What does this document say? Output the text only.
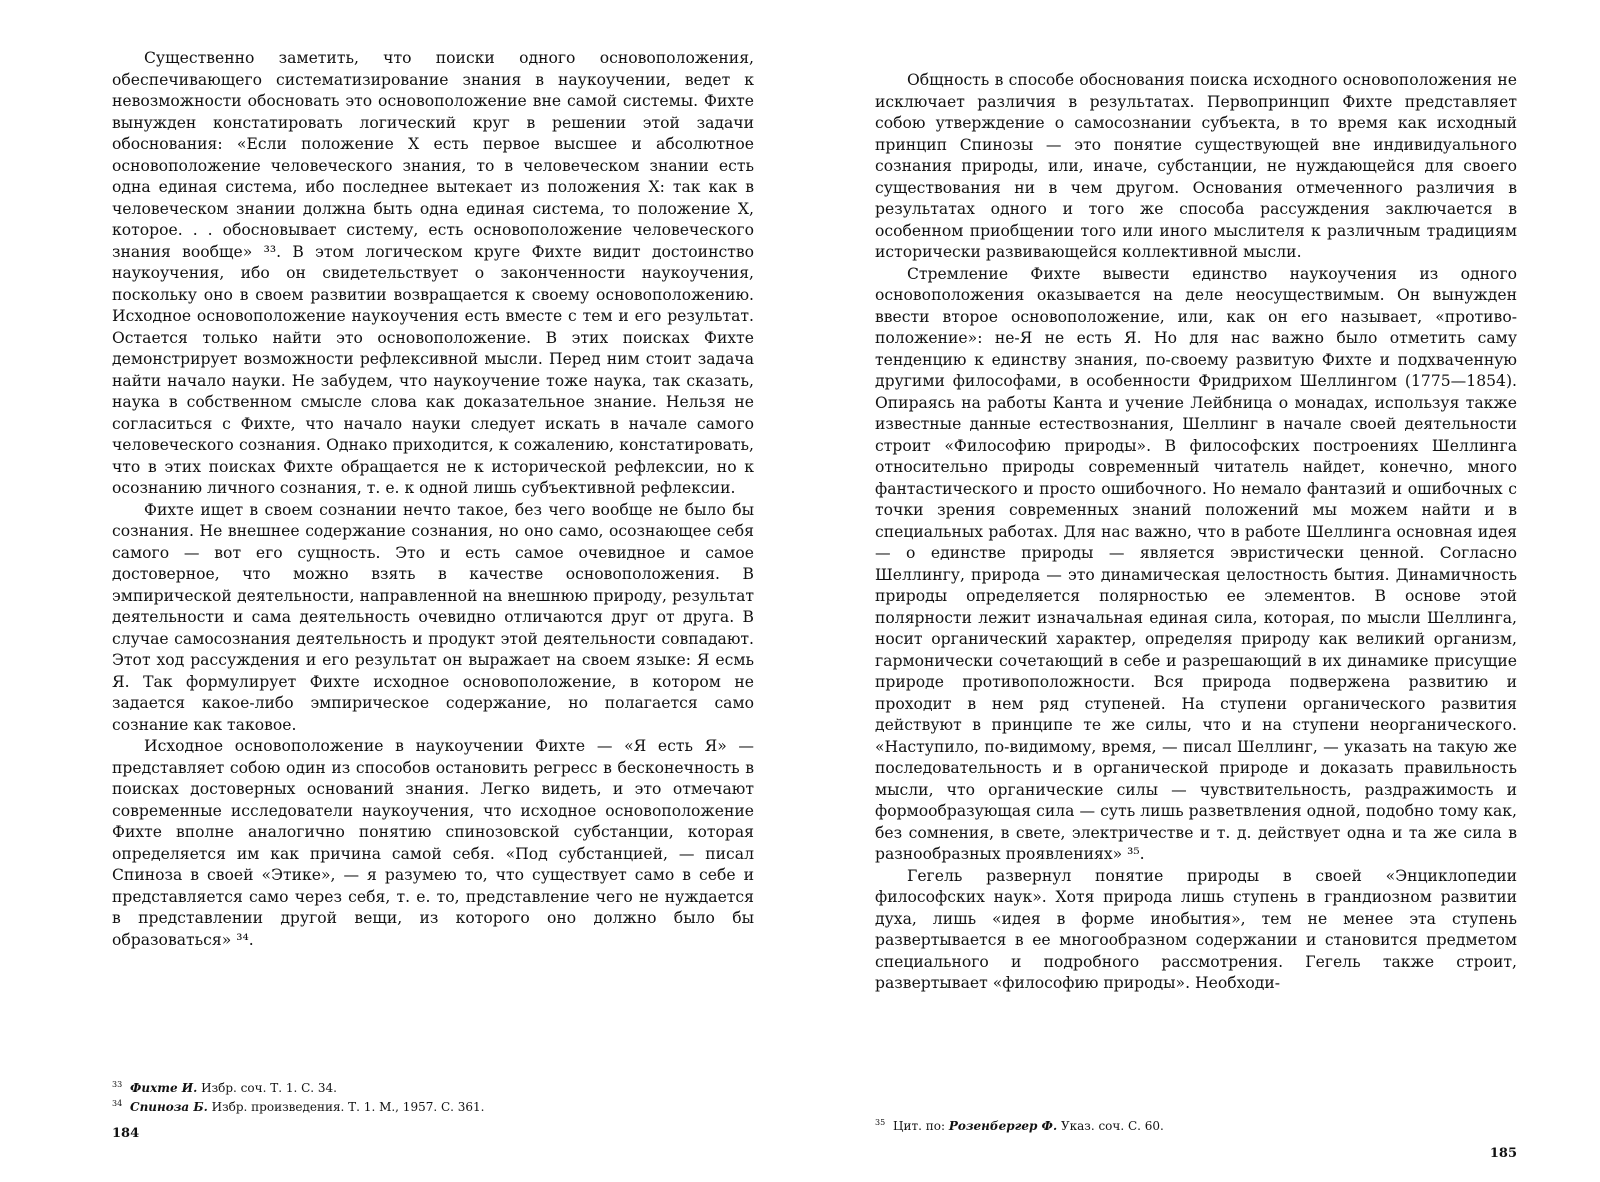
Существенно заметить, что поиски одного основоположения, обеспечивающего систематизирование знания в наукоучении, ведет к невозможности обосновать это основоположение вне самой системы. Фихте вынужден констатировать логический круг в решении этой задачи обоснования: «Если положение X есть первое высшее и абсолютное основоположение человеческого знания, то в человеческом знании есть одна единая система, ибо последнее вытекает из положения X: так как в человеческом знании должна быть одна единая система, то положение X, которое. . . обосновывает систему, есть основоположение человеческого знания вообще» ³³. В этом логическом круге Фихте видит достоинство наукоучения, ибо он свидетельствует о законченности наукоучения, поскольку оно в своем развитии возвращается к своему основоположению. Исходное основоположение наукоучения есть вместе с тем и его результат. Остается только найти это основоположение. В этих поисках Фихте демонстрирует возможности рефлексивной мысли. Перед ним стоит задача найти начало науки. Не забудем, что наукоучение тоже наука, так сказать, наука в собственном смысле слова как доказательное знание. Нельзя не согласиться с Фихте, что начало науки следует искать в начале самого человеческого сознания. Однако приходится, к сожалению, констатировать, что в этих поисках Фихте обращается не к исторической рефлексии, но к осознанию личного сознания, т. е. к одной лишь субъективной рефлексии.

Фихте ищет в своем сознании нечто такое, без чего вообще не было бы сознания. Не внешнее содержание сознания, но оно само, осознающее себя самого — вот его сущность. Это и есть самое очевидное и самое достоверное, что можно взять в качестве основоположения. В эмпирической деятельности, направленной на внешнюю природу, результат деятельности и сама деятельность очевидно отличаются друг от друга. В случае самосознания деятельность и продукт этой деятельности совпадают. Этот ход рассуждения и его результат он выражает на своем языке: Я есмь Я. Так формулирует Фихте исходное основоположение, в котором не задается какое-либо эмпирическое содержание, но полагается само сознание как таковое.

Исходное основоположение в наукоучении Фихте — «Я есть Я» — представляет собою один из способов остановить регресс в бесконечность в поисках достоверных оснований знания. Легко видеть, и это отмечают современные исследователи наукоучения, что исходное основоположение Фихте вполне аналогично понятию спинозовской субстанции, которая определяется им как причина самой себя. «Под субстанцией, — писал Спиноза в своей «Этике», — я разумею то, что существует само в себе и представляется само через себя, т. е. то, представление чего не нуждается в представлении другой вещи, из которого оно должно было бы образоваться» ³⁴.

$^{33}$ Фихте И. Избр. соч. Т. 1. С. 34.

$^{34}$ Спиноза Б. Избр. произведения. Т. 1. М., 1957. С. 361.

184

Общность в способе обоснования поиска исходного основоположения не исключает различия в результатах. Первопринцип Фихте представляет собою утверждение о самосознании субъекта, в то время как исходный принцип Спинозы — это понятие существующей вне индивидуального сознания природы, или, иначе, субстанции, не нуждающейся для своего существования ни в чем другом. Основания отмеченного различия в результатах одного и того же способа рассуждения заключается в особенном приобщении того или иного мыслителя к различным традициям исторически развивающейся коллективной мысли.

Стремление Фихте вывести единство наукоучения из одного основоположения оказывается на деле неосуществимым. Он вынужден ввести второе основоположение, или, как он его называет, «противо-положение»: не-Я не есть Я. Но для нас важно было отметить саму тенденцию к единству знания, по-своему развитую Фихте и подхваченную другими философами, в особенности Фридрихом Шеллингом (1775—1854). Опираясь на работы Канта и учение Лейбница о монадах, используя также известные данные естествознания, Шеллинг в начале своей деятельности строит «Философию природы». В философских построениях Шеллинга относительно природы современный читатель найдет, конечно, много фантастического и просто ошибочного. Но немало фантазий и ошибочных с точки зрения современных знаний положений мы можем найти и в специальных работах. Для нас важно, что в работе Шеллинга основная идея — о единстве природы — является эвристически ценной. Согласно Шеллингу, природа — это динамическая целостность бытия. Динамичность природы определяется полярностью ее элементов. В основе этой полярности лежит изначальная единая сила, которая, по мысли Шеллинга, носит органический характер, определяя природу как великий организм, гармонически сочетающий в себе и разрешающий в их динамике присущие природе противоположности. Вся природа подвержена развитию и проходит в нем ряд ступеней. На ступени органического развития действуют в принципе те же силы, что и на ступени неорганического. «Наступило, по-видимому, время, — писал Шеллинг, — указать на такую же последовательность и в органической природе и доказать правильность мысли, что органические силы — чувствительность, раздражимость и формообразующая сила — суть лишь разветвления одной, подобно тому как, без сомнения, в свете, электричестве и т. д. действует одна и та же сила в разнообразных проявлениях» ³⁵.

Гегель развернул понятие природы в своей «Энциклопедии философских наук». Хотя природа лишь ступень в грандиозном развитии духа, лишь «идея в форме инобытия», тем не менее эта ступень развертывается в ее многообразном содержании и становится предметом специального и подробного рассмотрения. Гегель также строит, развертывает «философию природы». Необходи-

$^{35}$ Цит. по: Розенбергер Ф. Указ. соч. С. 60.

185
